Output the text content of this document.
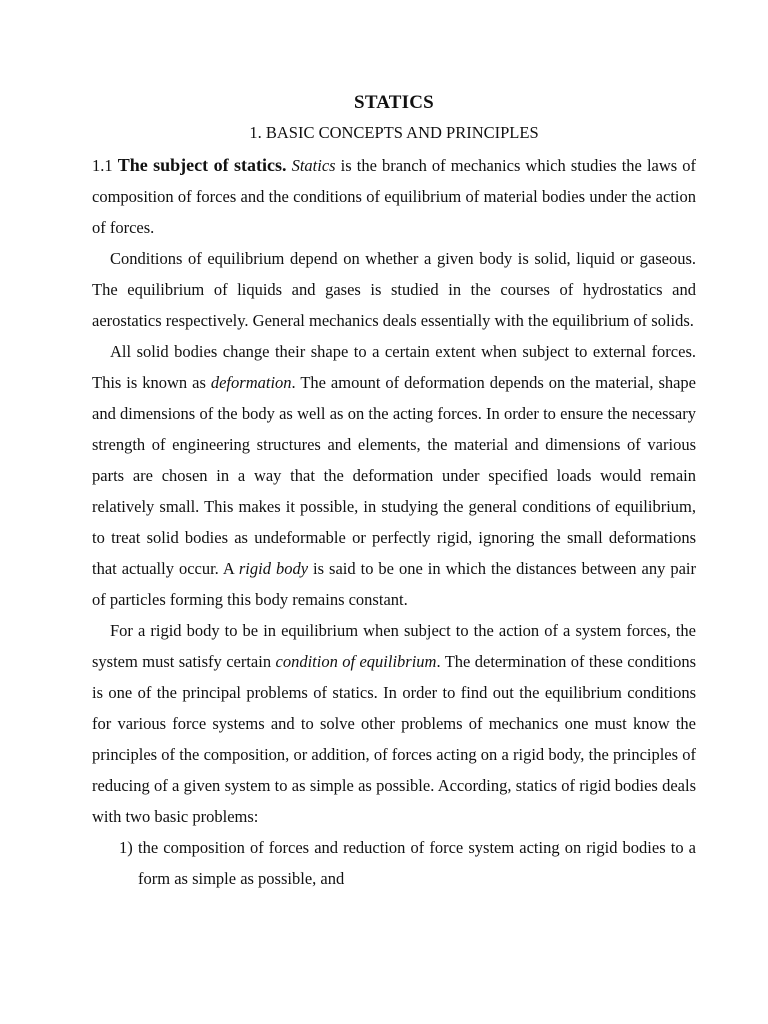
STATICS
1. BASIC CONCEPTS AND PRINCIPLES

1.1 The subject of statics. Statics is the branch of mechanics which studies the laws of composition of forces and the conditions of equilibrium of material bodies under the action of forces.

Conditions of equilibrium depend on whether a given body is solid, liquid or gaseous. The equilibrium of liquids and gases is studied in the courses of hydrostatics and aerostatics respectively. General mechanics deals essentially with the equilibrium of solids.

All solid bodies change their shape to a certain extent when subject to external forces. This is known as deformation. The amount of deformation depends on the material, shape and dimensions of the body as well as on the acting forces. In order to ensure the necessary strength of engineering structures and elements, the material and dimensions of various parts are chosen in a way that the deformation under specified loads would remain relatively small. This makes it possible, in studying the general conditions of equilibrium, to treat solid bodies as undeformable or perfectly rigid, ignoring the small deformations that actually occur. A rigid body is said to be one in which the distances between any pair of particles forming this body remains constant.

For a rigid body to be in equilibrium when subject to the action of a system forces, the system must satisfy certain condition of equilibrium. The determination of these conditions is one of the principal problems of statics. In order to find out the equilibrium conditions for various force systems and to solve other problems of mechanics one must know the principles of the composition, or addition, of forces acting on a rigid body, the principles of reducing of a given system to as simple as possible. According, statics of rigid bodies deals with two basic problems:

1) the composition of forces and reduction of force system acting on rigid bodies to a form as simple as possible, and
